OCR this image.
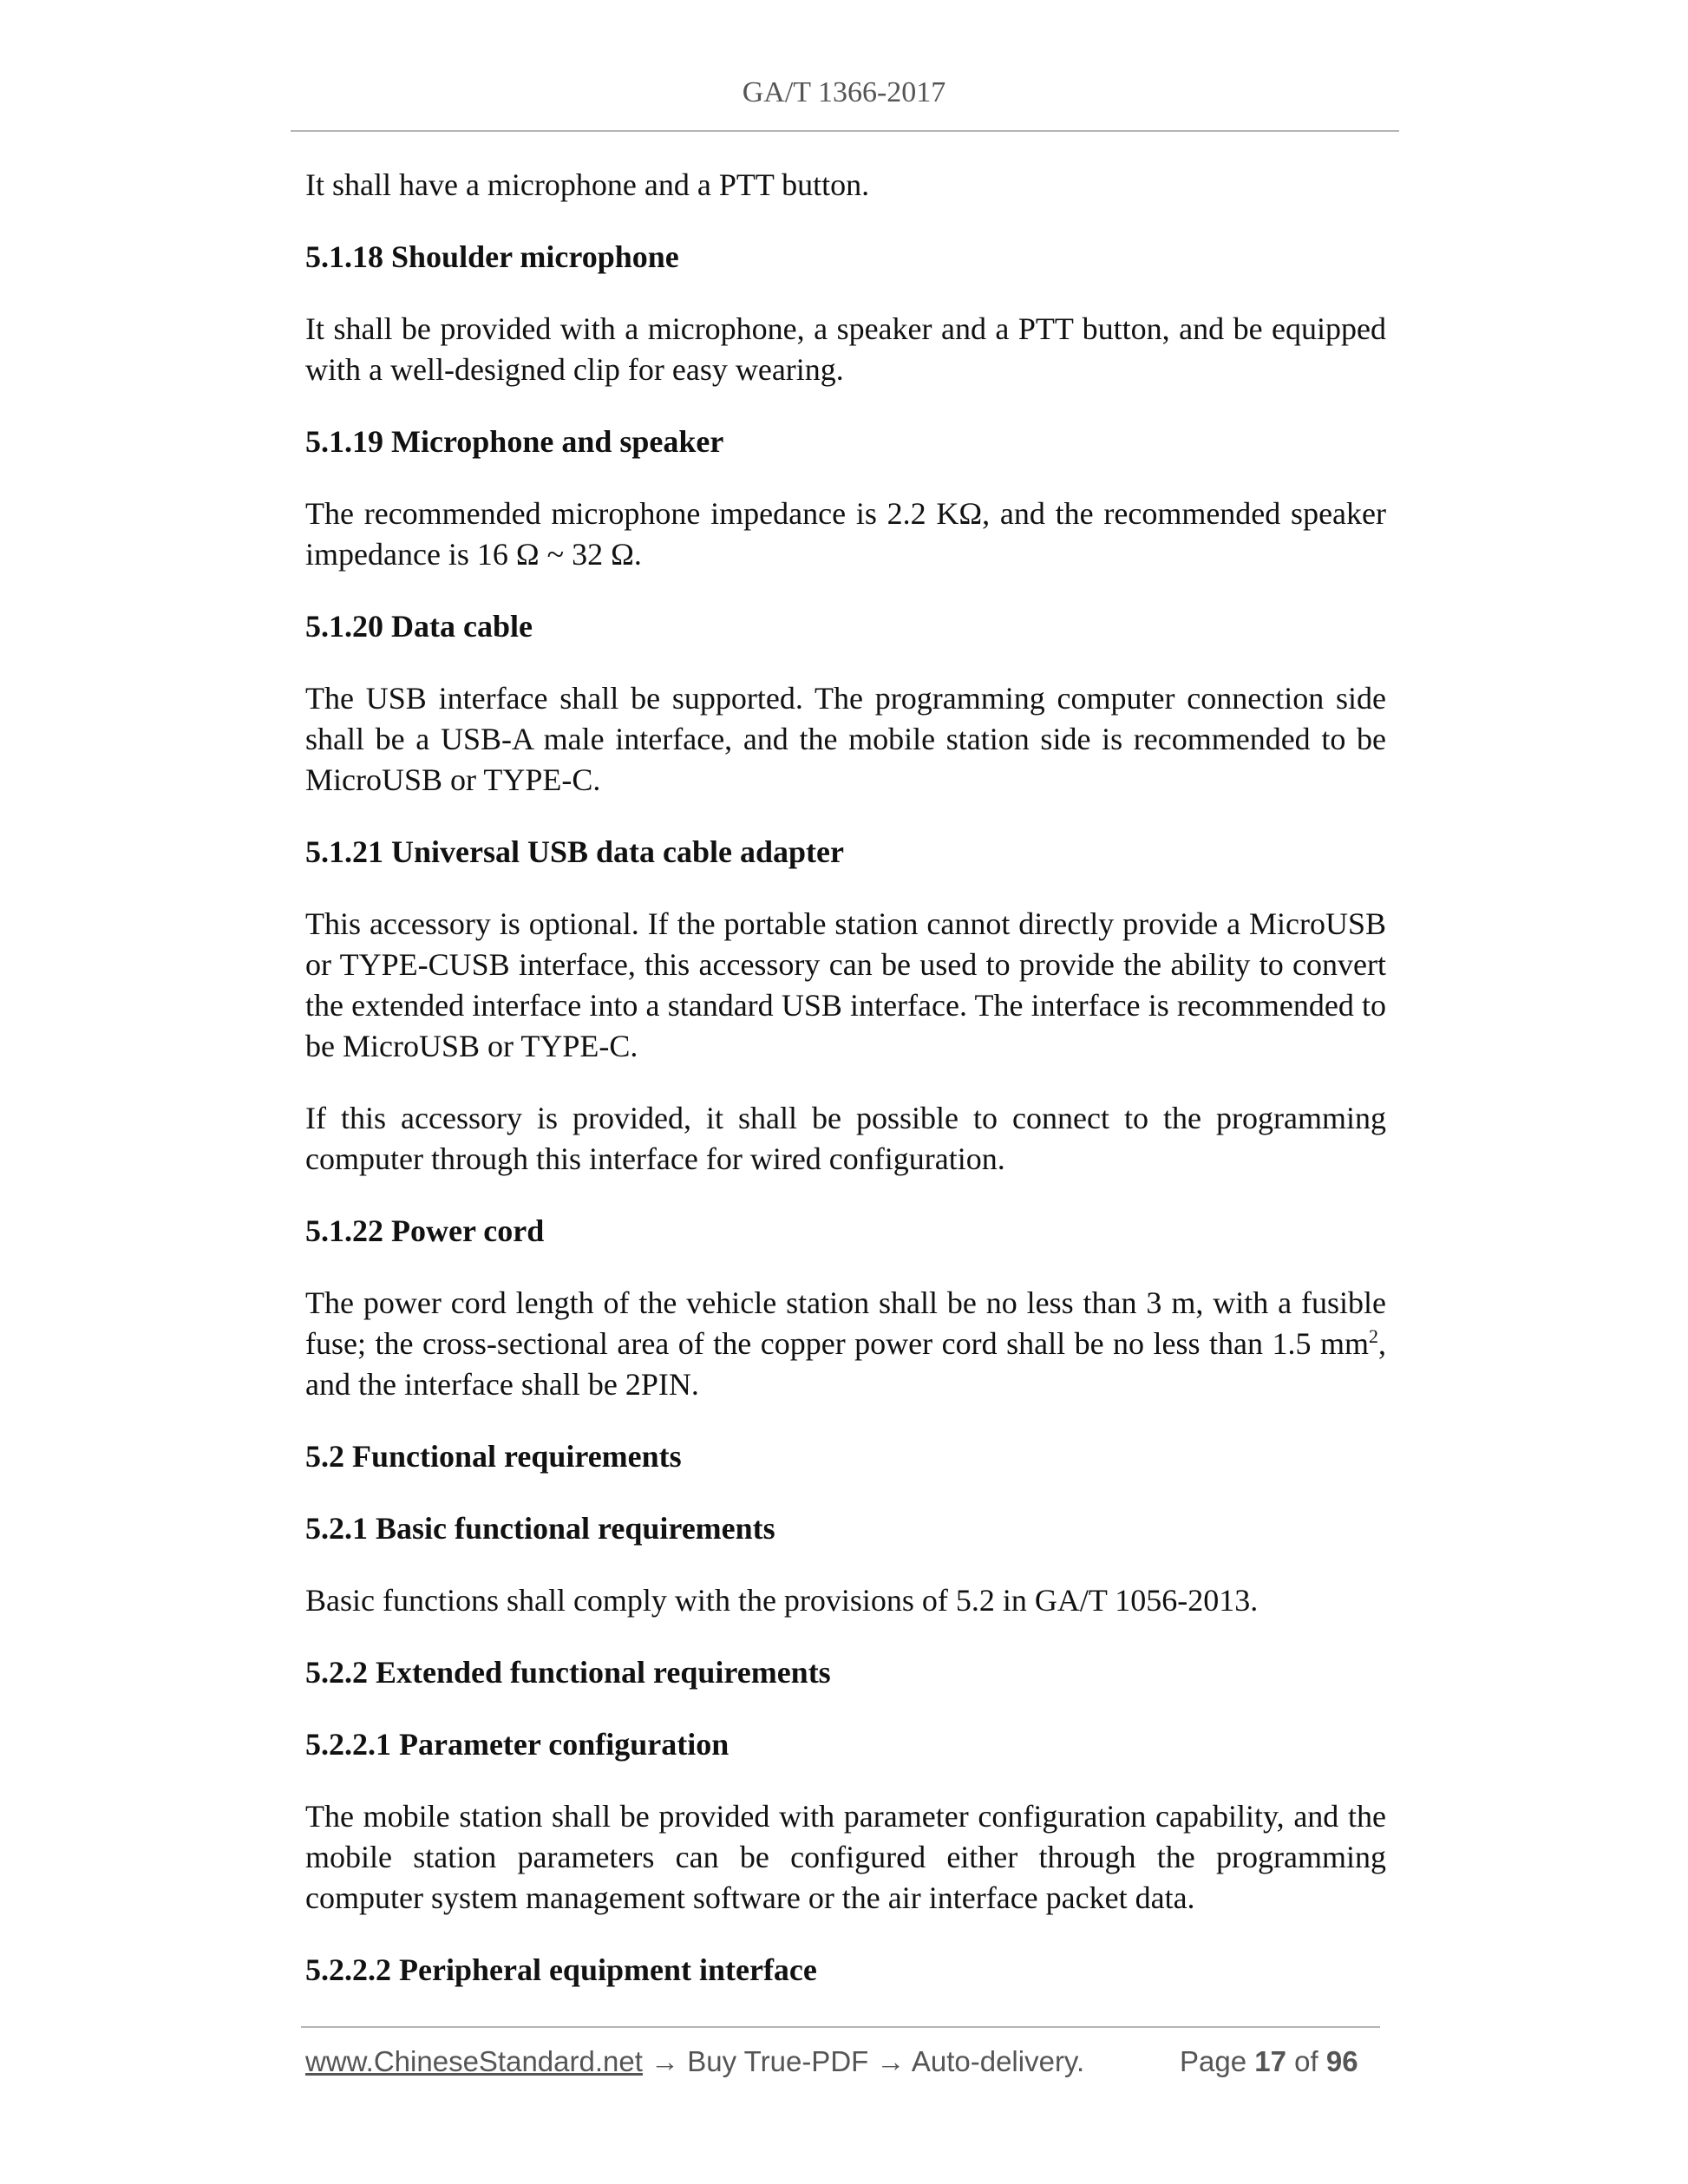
GA/T 1366-2017

It shall have a microphone and a PTT button.

5.1.18 Shoulder microphone

It shall be provided with a microphone, a speaker and a PTT button, and be equipped with a well-designed clip for easy wearing.

5.1.19 Microphone and speaker

The recommended microphone impedance is 2.2 KΩ, and the recommended speaker impedance is 16 Ω ~ 32 Ω.

5.1.20 Data cable

The USB interface shall be supported. The programming computer connection side shall be a USB-A male interface, and the mobile station side is recommended to be MicroUSB or TYPE-C.

5.1.21 Universal USB data cable adapter

This accessory is optional. If the portable station cannot directly provide a MicroUSB or TYPE-CUSB interface, this accessory can be used to provide the ability to convert the extended interface into a standard USB interface. The interface is recommended to be MicroUSB or TYPE-C.

If this accessory is provided, it shall be possible to connect to the programming computer through this interface for wired configuration.

5.1.22 Power cord

The power cord length of the vehicle station shall be no less than 3 m, with a fusible fuse; the cross-sectional area of the copper power cord shall be no less than 1.5 $mm^2$, and the interface shall be 2PIN.

5.2 Functional requirements
5.2.1 Basic functional requirements

Basic functions shall comply with the provisions of 5.2 in GA/T 1056-2013.

5.2.2 Extended functional requirements
5.2.2.1 Parameter configuration

The mobile station shall be provided with parameter configuration capability, and the mobile station parameters can be configured either through the programming computer system management software or the air interface packet data.

5.2.2.2 Peripheral equipment interface
www.ChineseStandard.net → Buy True-PDF → Auto-delivery.	Page 17 of 96
